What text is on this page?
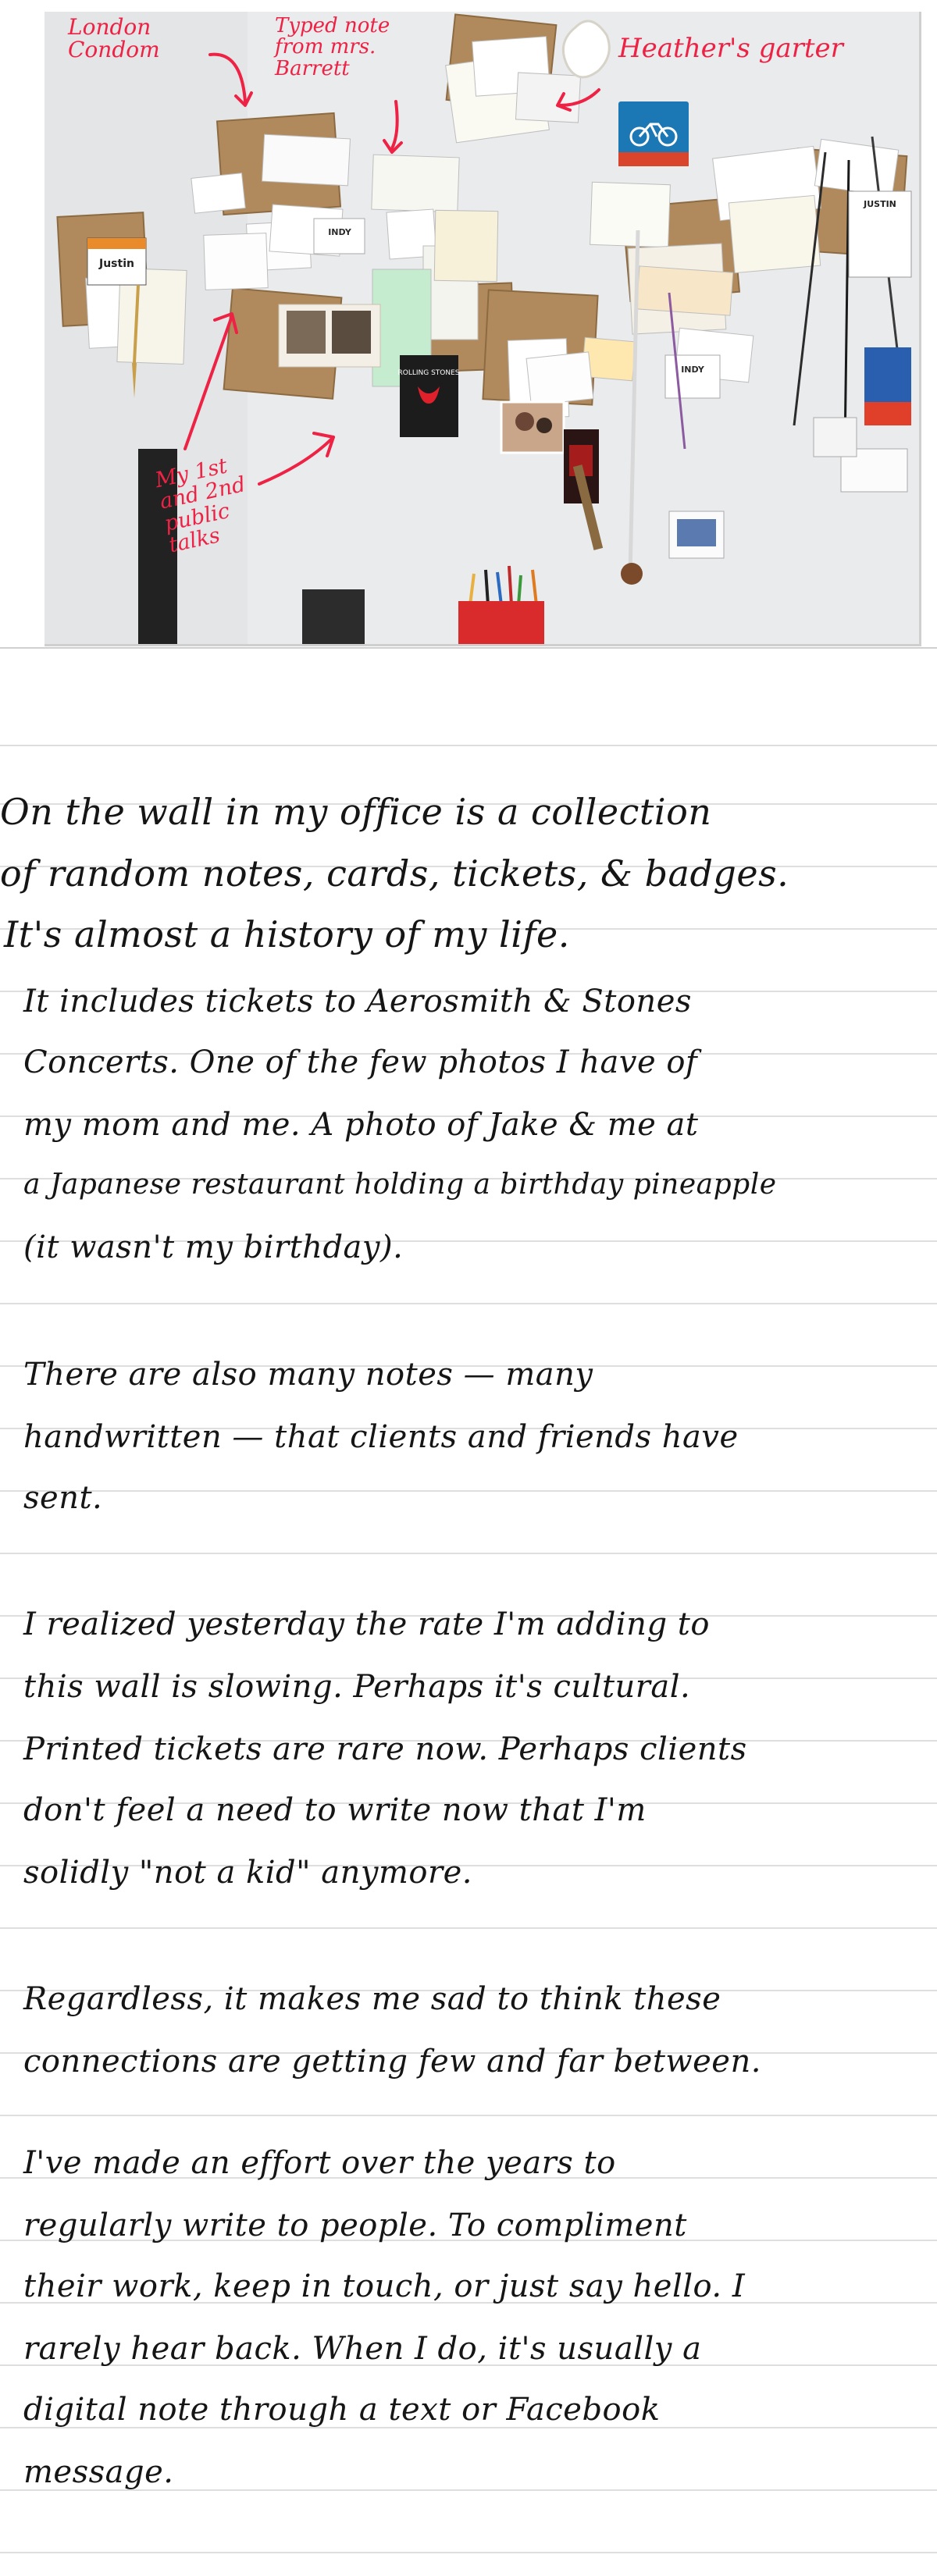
ROLLING STONES
Justin
INDY
INDY
JUSTIN
London
Condom
Typed note
from mrs.
Barrett
Heather's garter
My 1st
and 2nd
public
talks
On the wall in my office is a collection
of random notes, cards, tickets, & badges.
It's almost a history of my life.
It includes tickets to Aerosmith & Stones
Concerts. One of the few photos I have of
my mom and me. A photo of Jake & me at
a Japanese restaurant holding a birthday pineapple
(it wasn't my birthday).
There are also many notes — many
handwritten — that clients and friends have
sent.
I realized yesterday the rate I'm adding to
this wall is slowing. Perhaps it's cultural.
Printed tickets are rare now. Perhaps clients
don't feel a need to write now that I'm
solidly "not a kid" anymore.
Regardless, it makes me sad to think these
connections are getting few and far between.
I've made an effort over the years to
regularly write to people. To compliment
their work, keep in touch, or just say hello. I
rarely hear back. When I do, it's usually a
digital note through a text or Facebook
message.
